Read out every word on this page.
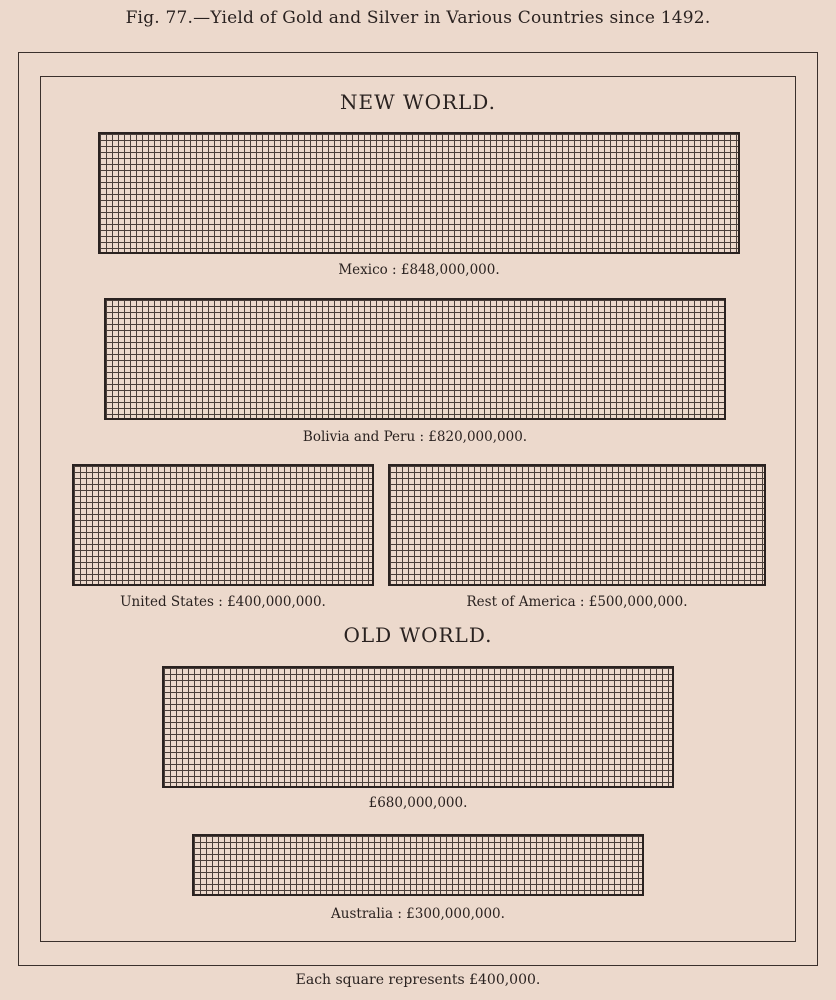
Fig. 77.—Yield of Gold and Silver in Various Countries since 1492.
NEW WORLD.
Mexico : £848,000,000.
Bolivia and Peru : £820,000,000.
United States : £400,000,000.	Rest of America : £500,000,000.
OLD WORLD.
£680,000,000.
Australia : £300,000,000.
Each square represents £400,000.
